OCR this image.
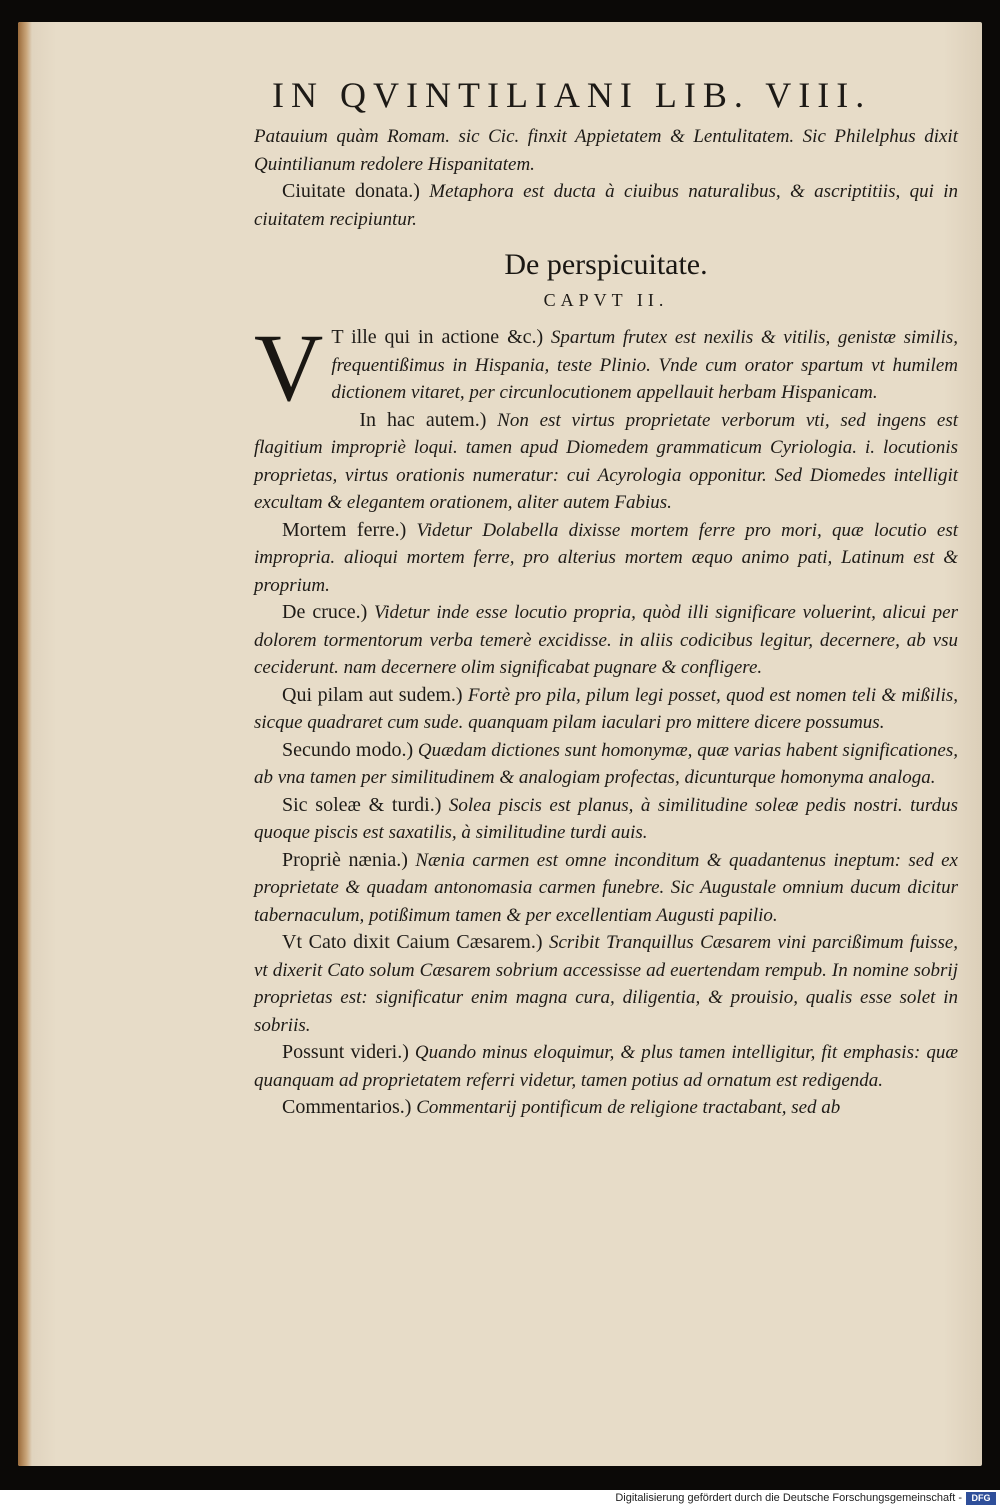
IN QVINTILIANI LIB. VIII.

Patauium quàm Romam. sic Cic. finxit Appietatem & Lentulitatem. Sic Philelphus dixit Quintilianum redolere Hispanitatem.

Ciuitate donata.) Metaphora est ducta à ciuibus naturalibus, & ascriptitiis, qui in ciuitatem recipiuntur.

De perspicuitate.
CAPVT II.

V T ille qui in actione &c.) Spartum frutex est nexilis & vitilis, genistæ similis, frequentißimus in Hispania, teste Plinio. Vnde cum orator spartum vt humilem dictionem vitaret, per circunlocutionem appellauit herbam Hispanicam.

In hac autem.) Non est virtus proprietate verborum vti, sed ingens est flagitium impropriè loqui. tamen apud Diomedem grammaticum Cyriologia. i. locutionis proprietas, virtus orationis numeratur: cui Acyrologia opponitur. Sed Diomedes intelligit excultam & elegantem orationem, aliter autem Fabius.

Mortem ferre.) Videtur Dolabella dixisse mortem ferre pro mori, quæ locutio est impropria. alioqui mortem ferre, pro alterius mortem æquo animo pati, Latinum est & proprium.

De cruce.) Videtur inde esse locutio propria, quòd illi significare voluerint, alicui per dolorem tormentorum verba temerè excidisse. in aliis codicibus legitur, decernere, ab vsu ceciderunt. nam decernere olim significabat pugnare & confligere.

Qui pilam aut sudem.) Fortè pro pila, pilum legi posset, quod est nomen teli & mißilis, sicque quadraret cum sude. quanquam pilam iaculari pro mittere dicere possumus.

Secundo modo.) Quædam dictiones sunt homonymæ, quæ varias habent significationes, ab vna tamen per similitudinem & analogiam profectas, dicunturque homonyma analoga.

Sic soleæ & turdi.) Solea piscis est planus, à similitudine soleæ pedis nostri. turdus quoque piscis est saxatilis, à similitudine turdi auis.

Propriè nænia.) Nænia carmen est omne inconditum & quadantenus ineptum: sed ex proprietate & quadam antonomasia carmen funebre. Sic Augustale omnium ducum dicitur tabernaculum, potißimum tamen & per excellentiam Augusti papilio.

Vt Cato dixit Caium Cæsarem.) Scribit Tranquillus Cæsarem vini parcißimum fuisse, vt dixerit Cato solum Cæsarem sobrium accessisse ad euertendam rempub. In nomine sobrij proprietas est: significatur enim magna cura, diligentia, & prouisio, qualis esse solet in sobriis.

Possunt videri.) Quando minus eloquimur, & plus tamen intelligitur, fit emphasis: quæ quanquam ad proprietatem referri videtur, tamen potius ad ornatum est redigenda.

Commentarios.) Commentarij pontificum de religione tractabant, sed ab

Digitalisierung gefördert durch die Deutsche Forschungsgemeinschaft -	DFG
